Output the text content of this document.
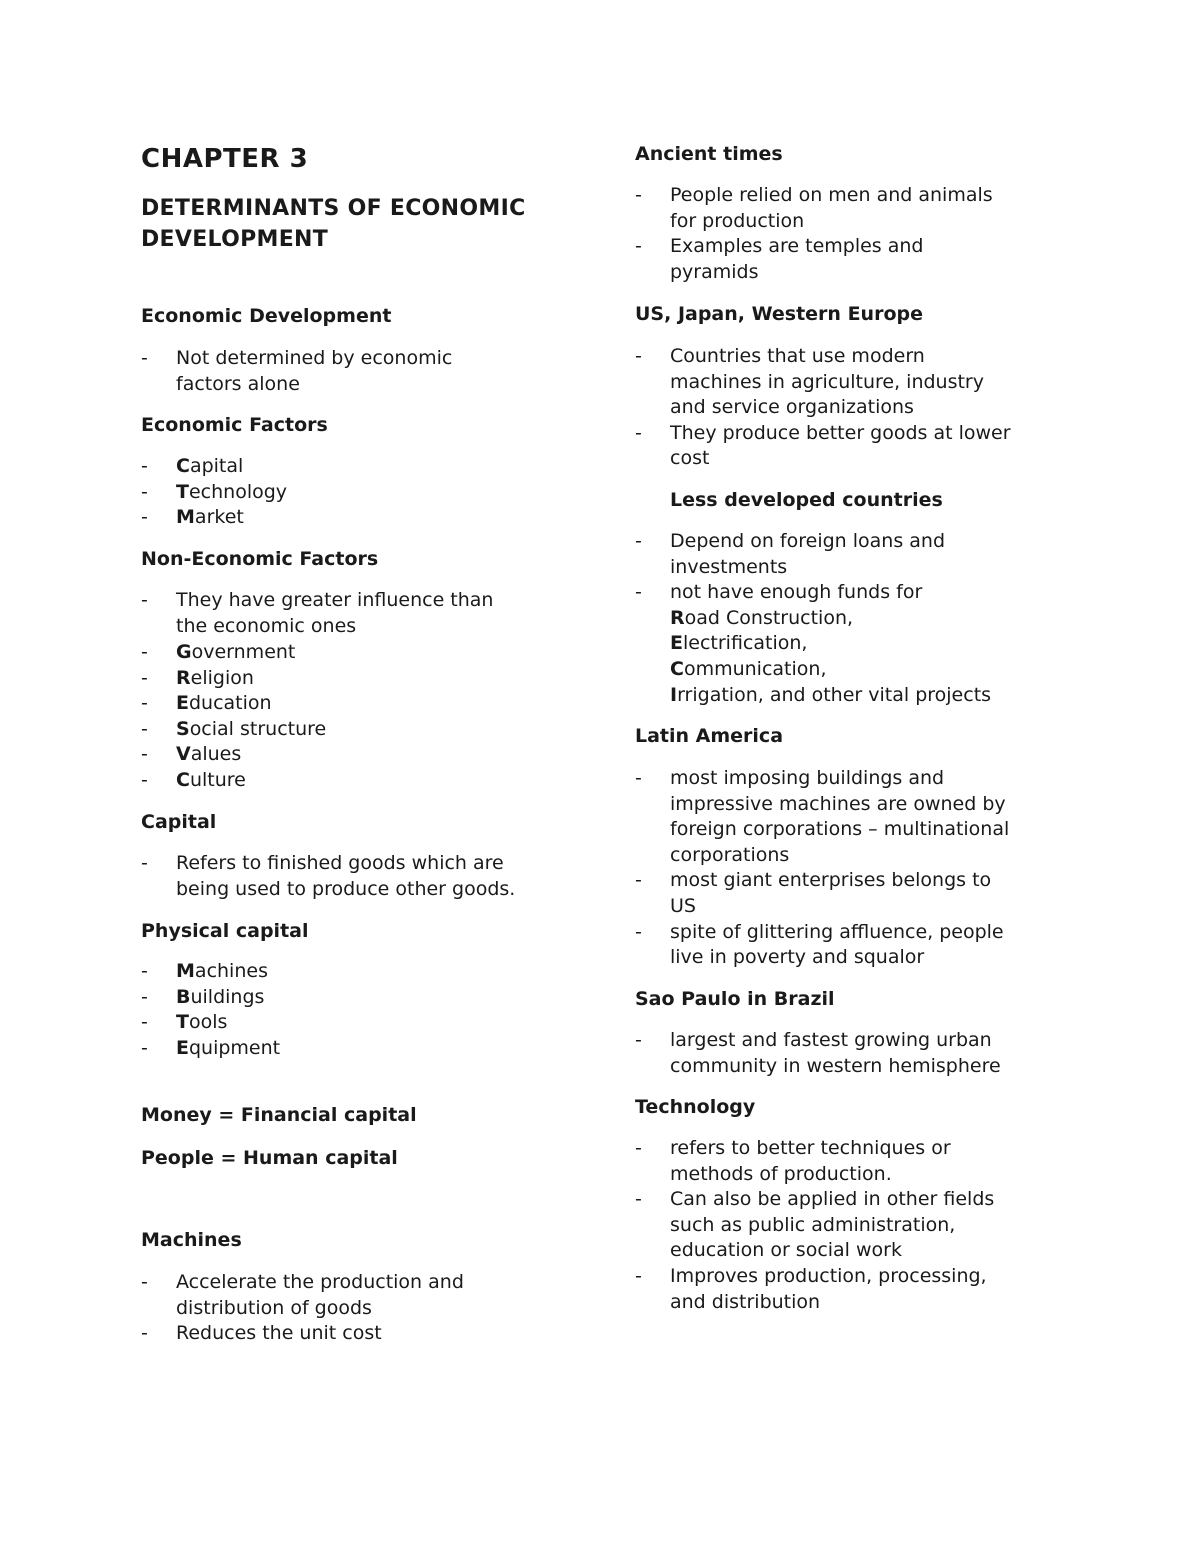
CHAPTER 3
DETERMINANTS OF ECONOMIC
DEVELOPMENT
Economic Development
- Not determined by economic
factors alone
Economic Factors
- Capital
- Technology
- Market
Non-Economic Factors
- They have greater influence than
the economic ones
- Government
- Religion
- Education
- Social structure
- Values
- Culture
Capital
- Refers to finished goods which are
being used to produce other goods.
Physical capital
- Machines
- Buildings
- Tools
- Equipment
Money = Financial capital
People = Human capital
Machines
- Accelerate the production and
distribution of goods
- Reduces the unit cost
Ancient times
- People relied on men and animals
for production
- Examples are temples and
pyramids
US, Japan, Western Europe
- Countries that use modern
machines in agriculture, industry
and service organizations
- They produce better goods at lower
cost
Less developed countries
- Depend on foreign loans and
investments
- not have enough funds for
Road Construction,
Electrification,
Communication,
Irrigation, and other vital projects
Latin America
- most imposing buildings and
impressive machines are owned by
foreign corporations – multinational
corporations
- most giant enterprises belongs to
US
- spite of glittering affluence, people
live in poverty and squalor
Sao Paulo in Brazil
- largest and fastest growing urban
community in western hemisphere
Technology
- refers to better techniques or
methods of production.
- Can also be applied in other fields
such as public administration,
education or social work
- Improves production, processing,
and distribution
